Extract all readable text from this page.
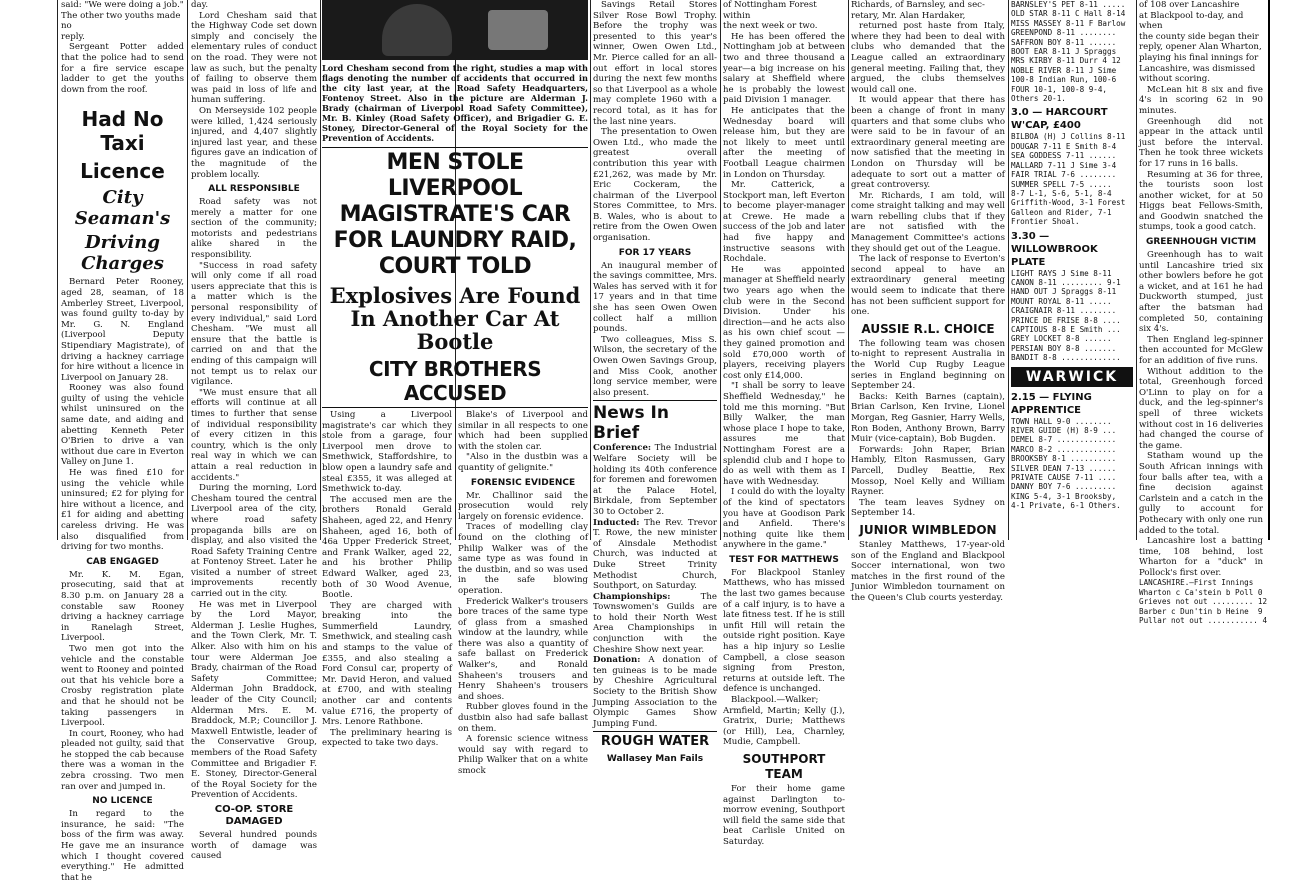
said: "We were doing a job."
The other two youths made no
reply.

Sergeant Potter added that the police had to send for a fire service escape ladder to get the youths down from the roof.

Had No Taxi
Licence
City Seaman's
Driving Charges

Bernard Peter Rooney, aged 28, seaman, of 18 Amberley Street, Liverpool, was found guilty to-day by Mr. G. N. England (Liverpool Deputy Stipendiary Magistrate), of driving a hackney carriage for hire without a licence in Liverpool on January 28.

Rooney was also found guilty of using the vehicle whilst uninsured on the same date, and aiding and abetting Kenneth Peter O'Brien to drive a van without due care in Everton Valley on June 1.

He was fined £10 for using the vehicle while uninsured; £2 for plying for hire without a licence, and £1 for aiding and abetting careless driving. He was also disqualified from driving for two months.

CAB ENGAGED

Mr. K. M. Egan, prosecuting, said that at 8.30 p.m. on January 28 a constable saw Rooney driving a hackney carriage in Ranelagh Street, Liverpool.

Two men got into the vehicle and the constable went to Rooney and pointed out that his vehicle bore a Crosby registration plate and that he should not be taking passengers in Liverpool.

In court, Rooney, who had pleaded not guilty, said that he stopped the cab because there was a woman in the zebra crossing. Two men ran over and jumped in.

NO LICENCE

In regard to the insurance, he said: "The boss of the firm was away. He gave me an insurance which I thought covered everything." He admitted that he

day.

Lord Chesham said that the Highway Code set down simply and concisely the elementary rules of conduct on the road. They were not law as such, but the penalty of failing to observe them was paid in loss of life and human suffering.

On Merseyside 102 people were killed, 1,424 seriously injured, and 4,407 slightly injured last year, and these figures gave an indication of the magnitude of the problem locally.

ALL RESPONSIBLE

Road safety was not merely a matter for one section of the community; motorists and pedestrians alike shared in the responsibility.

"Success in road safety will only come if all road users appreciate that this is a matter which is the personal responsibility of every individual," said Lord Chesham. "We must all ensure that the battle is carried on and that the ending of this campaign will not tempt us to relax our vigilance.

"We must ensure that all efforts will continue at all times to further that sense of individual responsibility of every citizen in this country, which is the only real way in which we can attain a real reduction in accidents."

During the morning, Lord Chesham toured the central Liverpool area of the city, where road safety propaganda bills are on display, and also visited the Road Safety Training Centre at Fontenoy Street. Later he visited a number of street improvements recently carried out in the city.

He was met in Liverpool by the Lord Mayor, Alderman J. Leslie Hughes, and the Town Clerk, Mr. T. Alker. Also with him on his tour were Alderman Joe Brady, chairman of the Road Safety Committee; Alderman John Braddock, leader of the City Council; Alderman Mrs. E. M. Braddock, M.P.; Councillor J. Maxwell Entwistle, leader of the Conservative Group, members of the Road Safety Committee and Brigadier F. E. Stoney, Director-General of the Royal Society for the Prevention of Accidents.

CO-OP. STORE DAMAGED

Several hundred pounds worth of damage was caused

Lord Chesham second from the right, studies a map with flags denoting the number of accidents that occurred in the city last year, at the Road Safety Headquarters, Fontenoy Street. Also in the picture are Alderman J. Brady (chairman of Liverpool Road Safety Committee), Mr. B. Kinley (Road Safety Officer), and Brigadier G. E. Stoney, Director-General of the Royal Society for the Prevention of Accidents.
MEN STOLE LIVERPOOL MAGISTRATE'S CAR FOR LAUNDRY RAID, COURT TOLD
Explosives Are Found In Another Car At Bootle
CITY BROTHERS ACCUSED

Using a Liverpool magistrate's car which they stole from a garage, four Liverpool men drove to Smethwick, Staffordshire, to blow open a laundry safe and steal £355, it was alleged at Smethwick to-day.

The accused men are the brothers Ronald Gerald Shaheen, aged 22, and Henry Shaheen, aged 16, both of 46a Upper Frederick Street, and Frank Walker, aged 22, and his brother Philip Edward Walker, aged 23, both of 30 Wood Avenue, Bootle.

They are charged with breaking into the Summerfield Laundry, Smethwick, and stealing cash and stamps to the value of £355, and also stealing a Ford Consul car, property of Mr. David Heron, and valued at £700, and with stealing another car and contents value £716, the property of Mrs. Lenore Rathbone.

The preliminary hearing is expected to take two days.

Blake's of Liverpool and similar in all respects to one which had been supplied with the stolen car.

"Also in the dustbin was a quantity of gelignite."

FORENSIC EVIDENCE

Mr. Challinor said the prosecution would rely largely on forensic evidence.

Traces of modelling clay found on the clothing of Philip Walker was of the same type as was found in the dustbin, and so was used in the safe blowing operation.

Frederick Walker's trousers bore traces of the same type of glass from a smashed window at the laundry, while there was also a quantity of safe ballast on Frederick Walker's, and Ronald Shaheen's trousers and Henry Shaheen's trousers and shoes.

Rubber gloves found in the dustbin also had safe ballast on them.

A forensic science witness would say with regard to Philip Walker that on a white smock

Savings Retail Stores Silver Rose Bowl Trophy. Before the trophy was presented to this year's winner, Owen Owen Ltd., Mr. Pierce called for an all-out effort in local stores during the next few months so that Liverpool as a whole may complete 1960 with a record total, as it has for the last nine years.

The presentation to Owen Owen Ltd., who made the greatest overall contribution this year with £21,262, was made by Mr. Eric Cockeram, the chairman of the Liverpool Stores Committee, to Mrs. B. Wales, who is about to retire from the Owen Owen organisation.

FOR 17 YEARS

An inaugural member of the savings committee, Mrs. Wales has served with it for 17 years and in that time she has seen Owen Owen collect half a million pounds.

Two colleagues, Miss S. Wilson, the secretary of the Owen Owen Savings Group, and Miss Cook, another long service member, were also present.

News In Brief

Conference: The Industrial Welfare Society will be holding its 40th conference for foremen and forewomen at the Palace Hotel, Birkdale, from September 30 to October 2.

Inducted: The Rev. Trevor T. Rowe, the new minister of Ainsdale Methodist Church, was inducted at Duke Street Trinity Methodist Church, Southport, on Saturday.

Championships:	The Townswomen's Guilds are to hold their North West Area Championships in conjunction with the Cheshire Show next year.

Donation: A donation of ten guineas is to be made by Cheshire Agricultural Society to the British Show Jumping Association to the Olympic Games Show Jumping Fund.

ROUGH WATER
Wallasey Man Fails
of Nottingham Forest within
the next week or two.

He has been offered the Nottingham job at between two and three thousand a year—a big increase on his salary at Sheffield where he is probably the lowest paid Division 1 manager.

He anticipates that the Wednesday board will release him, but they are not likely to meet until after the meeting of Football League chairmen in London on Thursday.

Mr. Catterick, a Stockport man, left Everton to become player-manager at Crewe. He made a success of the job and later had five happy and instructive seasons with Rochdale.

He was appointed manager at Sheffield nearly two years ago when the club were in the Second Division. Under his direction—and he acts also as his own chief scout — they gained promotion and sold £70,000 worth of players, receiving players cost only £14,000.

"I shall be sorry to leave Sheffield Wednesday," he told me this morning. "But Billy Walker, the man whose place I hope to take, assures me that Nottingham Forest are a splendid club and I hope to do as well with them as I have with Wednesday.

I could do with the loyalty of the kind of spectators you have at Goodison Park and Anfield. There's nothing quite like them anywhere in the game."

TEST FOR MATTHEWS

For Blackpool Stanley Matthews, who has missed the last two games because of a calf injury, is to have a late fitness test. If he is still unfit Hill will retain the outside right position. Kaye has a hip injury so Leslie Campbell, a close season signing from Preston, returns at outside left. The defence is unchanged.

Blackpool.—Walker; Armfield, Martin; Kelly (J.), Gratrix, Durie; Matthews (or Hill), Lea, Charnley, Mudie, Campbell.

SOUTHPORT TEAM

For their home game against Darlington to-morrow evening, Southport will field the same side that beat Carlisle United on Saturday.

Richards, of Barnsley, and sec-
retary, Mr. Alan Hardaker,

returned post haste from Italy, where they had been to deal with clubs who demanded that the League called an extraordinary general meeting. Failing that, they argued, the clubs themselves would call one.

It would appear that there has been a change of front in many quarters and that some clubs who were said to be in favour of an extraordinary general meeting are now satisfied that the meeting in London on Thursday will be adequate to sort out a matter of great controversy.

Mr. Richards, I am told, will come straight talking and may well warn rebelling clubs that if they are not satisfied with the Management Committee's actions they should get out of the League.

The lack of response to Everton's second appeal to have an extraordinary general meeting would seem to indicate that there has not been sufficient support for one.

AUSSIE R.L. CHOICE

The following team was chosen to-night to represent Australia in the World Cup Rugby League series in England beginning on September 24.

Backs: Keith Barnes (captain), Brian Carlson, Ken Irvine, Lionel Morgan, Reg Gasnier, Harry Wells, Ron Boden, Anthony Brown, Barry Muir (vice-captain), Bob Bugden.

Forwards: John Raper, Brian Hambly, Elton Rasmussen, Gary Parcell, Dudley Beattie, Rex Mossop, Noel Kelly and William Rayner.

The team leaves Sydney on September 14.

JUNIOR WIMBLEDON

Stanley Matthews, 17-year-old son of the England and Blackpool Soccer international, won two matches in the first round of the Junior Wimbledon tournament on the Queen's Club courts yesterday.

BARNSLEY'S PET 8-11 .....
OLD STAR 8-11 C Hall 8-14
MISS MASSEY 8-11 F Barlow
GREENPOND 8-11 ........
SAFFRON BOY 8-11 ......
BOOT EAR 8-11 J Spraggs
MRS KIRBY 8-11 Durr 4 12
NOBLE RIVER 8-11 J Sime
100-8 Indian Run, 100-6
FOUR 10-1, 100-8 9-4,
Others 20-1.
3.0 — HARCOURT W'CAP, £400
BILBOA (H) J Collins 8-11
DOUGAR 7-11 E Smith 8-4
SEA GODDESS 7-11 ......
MALLARD 7-11 J Sime 3-4
FAIR TRIAL 7-6 ........
SUMMER SPELL 7-5 .....
8-7 L-1, S-6, 5-1, 8-4
Griffith-Wood, 3-1 Forest
Galleon and Rider, 7-1
Frontier Shoal.
3.30 — WILLOWBROOK PLATE
LIGHT RAYS J Sime 8-11
CANON 8-11 ......... 9-1
HAND OUT J Spraggs 8-11
MOUNT ROYAL 8-11 .....
CRAIGNAIR 8-11 ........
PRINCE DE FRISE 8-8 ....
CAPTIOUS 8-8 E Smith ...
GREY LOCKET 8-8 ......
PERSIAN BOY 8-8 .......
BANDIT 8-8 .............
WARWICK
2.15 — FLYING APPRENTICE
TOWN HALL 9-0 ........
RIVER GUIDE (H) 8-9 ...
DEMEL 8-7 .............
MARCO 8-2 .............
BROOKSBY 8-1 ..........
SILVER DEAN 7-13 ......
PRIVATE CAUSE 7-11 ....
DANNY BOY 7-6 .........
KING 5-4, 3-1 Brooksby,
4-1 Private, 6-1 Others.
of 108 over Lancashire
at Blackpool to-day, and when
the county side began their
reply, opener Alan Wharton,
playing his final innings for
Lancashire, was dismissed
without scoring.

McLean hit 8 six and five 4's in scoring 62 in 90 minutes.

Greenhough did not appear in the attack until just before the interval. Then he took three wickets for 17 runs in 16 balls.

Resuming at 36 for three, the tourists soon lost another wicket, for at 50 Higgs beat Fellows-Smith, and Goodwin snatched the stumps, took a good catch.

GREENHOUGH VICTIM

Greenhough has to wait until Lancashire tried six other bowlers before he got a wicket, and at 161 he had Duckworth stumped, just after the batsman had completed 50, containing six 4's.

Then England leg-spinner then accounted for McGlew for an addition of five runs.

Without addition to the total, Greenhough forced O'Linn to play on for a duck, and the leg-spinner's spell of three wickets without cost in 16 deliveries had changed the course of the game.

Statham wound up the South African innings with four balls after tea, with a fine decision against Carlstein and a catch in the gully to account for Pothecary with only one run added to the total.

Lancashire lost a batting time, 108 behind, lost Wharton for a "duck" in Pollock's first over.

LANCASHIRE.—First Innings
Wharton c Ca'stein b Poll 0
Grieves not out ......... 12
Barber c Dun'tin b Heine  9
Pullar not out ........... 4
